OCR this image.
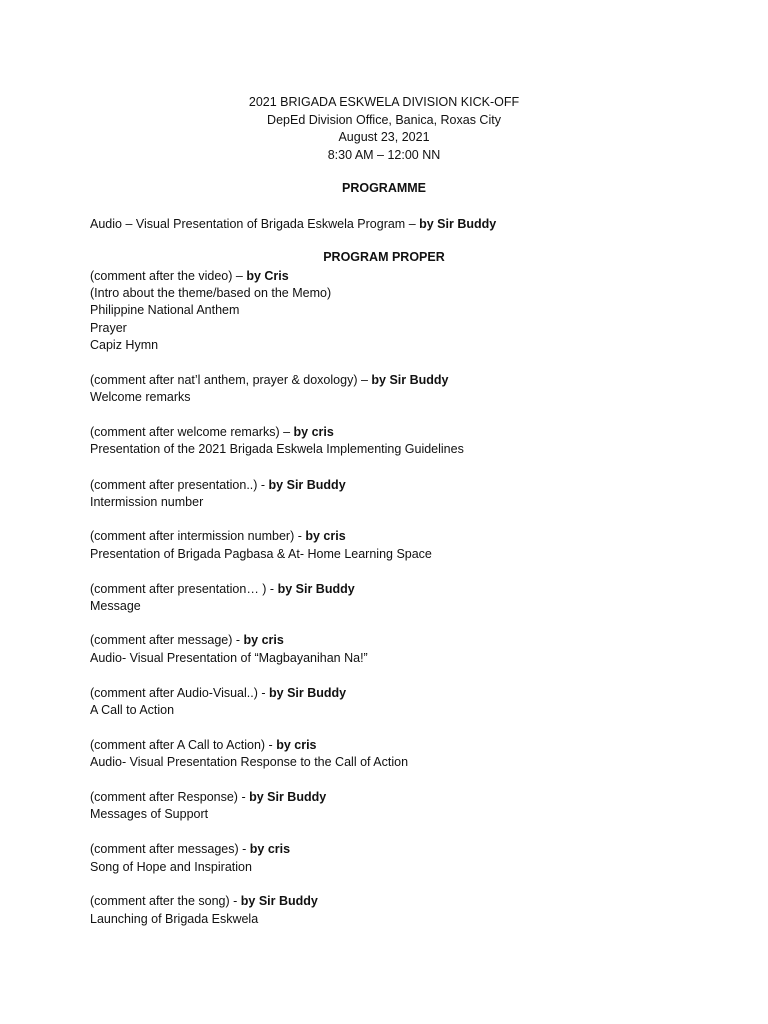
2021 BRIGADA ESKWELA DIVISION KICK-OFF
DepEd Division Office, Banica, Roxas City
August 23, 2021
8:30 AM – 12:00 NN
PROGRAMME
Audio – Visual Presentation of Brigada Eskwela Program – by Sir Buddy
PROGRAM PROPER
(comment after the video) – by Cris
(Intro about the theme/based on the Memo)
Philippine National Anthem
Prayer
Capiz Hymn
(comment after nat’l anthem, prayer & doxology) – by Sir Buddy
Welcome remarks
(comment after welcome remarks) – by cris
Presentation of the 2021 Brigada Eskwela Implementing Guidelines
(comment after presentation..) - by Sir Buddy
Intermission number
(comment after intermission number) - by cris
Presentation of Brigada Pagbasa & At- Home Learning Space
(comment after presentation… ) - by Sir Buddy
Message
(comment after message) - by cris
Audio- Visual Presentation of “Magbayanihan Na!”
(comment after Audio-Visual..) - by Sir Buddy
A Call to Action
(comment after A Call to Action) - by cris
Audio- Visual Presentation Response to the Call of Action
(comment after Response) - by Sir Buddy
Messages of Support
(comment after messages) - by cris
Song of Hope and Inspiration
(comment after the song) - by Sir Buddy
Launching of Brigada Eskwela
